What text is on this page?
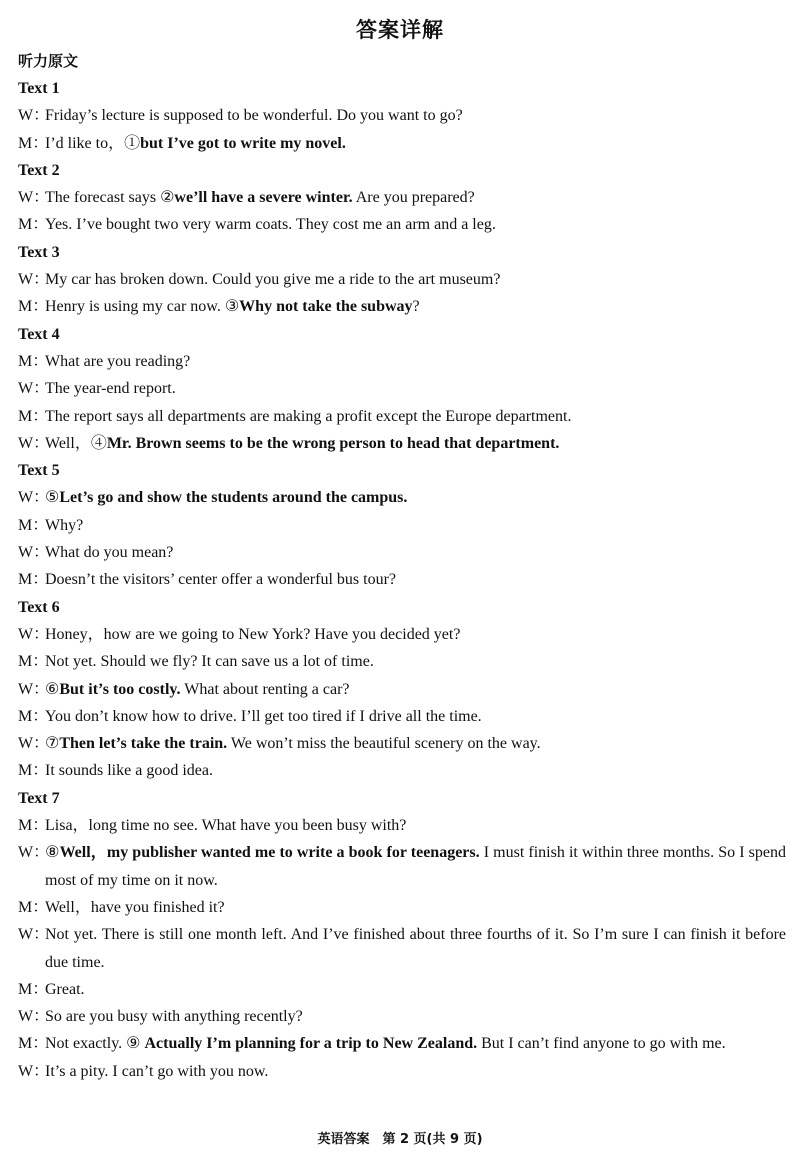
答案详解
听力原文
Text 1
W：Friday’s lecture is supposed to be wonderful. Do you want to go?
M：I’d like to，①but I’ve got to write my novel.
Text 2
W：The forecast says ②we’ll have a severe winter. Are you prepared?
M：Yes. I’ve bought two very warm coats. They cost me an arm and a leg.
Text 3
W：My car has broken down. Could you give me a ride to the art museum?
M：Henry is using my car now. ③Why not take the subway?
Text 4
M：What are you reading?
W：The year-end report.
M：The report says all departments are making a profit except the Europe department.
W：Well，④Mr. Brown seems to be the wrong person to head that department.
Text 5
W：⑤Let’s go and show the students around the campus.
M：Why?
W：What do you mean?
M：Doesn’t the visitors’ center offer a wonderful bus tour?
Text 6
W：Honey，how are we going to New York? Have you decided yet?
M：Not yet. Should we fly? It can save us a lot of time.
W：⑥But it’s too costly. What about renting a car?
M：You don’t know how to drive. I’ll get too tired if I drive all the time.
W：⑦Then let’s take the train. We won’t miss the beautiful scenery on the way.
M：It sounds like a good idea.
Text 7
M：Lisa，long time no see. What have you been busy with?
W：⑧Well，my publisher wanted me to write a book for teenagers. I must finish it within three months. So I spend most of my time on it now.
M：Well，have you finished it?
W：Not yet. There is still one month left. And I’ve finished about three fourths of it. So I’m sure I can finish it before due time.
M：Great.
W：So are you busy with anything recently?
M：Not exactly. ⑨ Actually I’m planning for a trip to New Zealand. But I can’t find anyone to go with me.
W：It’s a pity. I can’t go with you now.
英语答案　第 2 页(共 9 页)
